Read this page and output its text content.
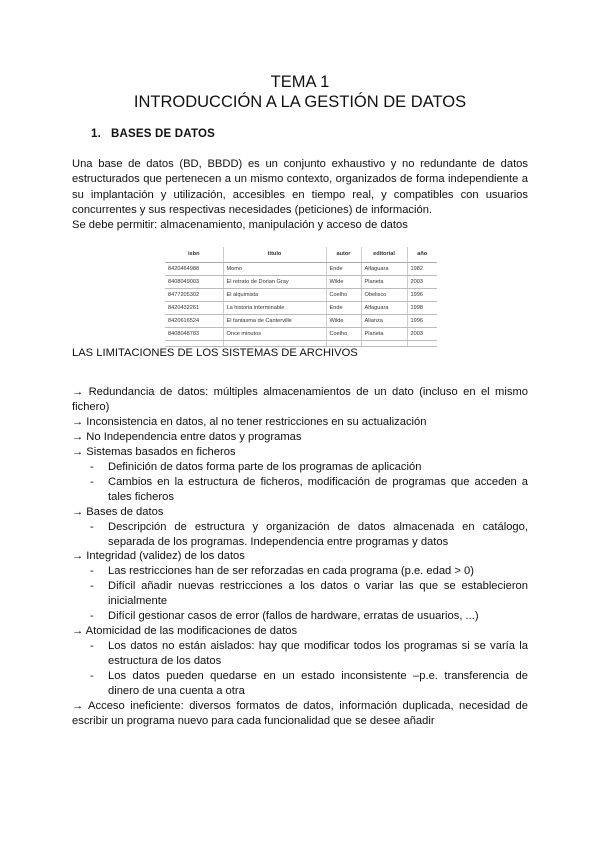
TEMA 1
INTRODUCCIÓN A LA GESTIÓN DE DATOS
1. BASES DE DATOS

Una base de datos (BD, BBDD) es un conjunto exhaustivo y no redundante de datos estructurados que pertenecen a un mismo contexto, organizados de forma independiente a su implantación y utilización, accesibles en tiempo real, y compatibles con usuarios concurrentes y sus respectivas necesidades (peticiones) de información.

Se debe permitir: almacenamiento, manipulación y acceso de datos

isbn	titulo	autor	editorial	año
8420464988	Momo	Ende	Alfaguara	1982
8408049003	El retrato de Dorian Gray	Wilde	Planeta	2003
8477205302	El alquimista	Coelho	Obelisco	1996
8420432261	La historia interminable	Ende	Alfaguara	1998
8420616524	El fantasma de Canterville	Wilde	Alianza	1996
8408048783	Once minutos	Coelho	Planeta	2003

LAS LIMITACIONES DE LOS SISTEMAS DE ARCHIVOS
→ Redundancia de datos: múltiples almacenamientos de un dato (incluso en el mismo fichero)
→ Inconsistencia en datos, al no tener restricciones en su actualización
→ No Independencia entre datos y programas
→ Sistemas basados en ficheros
-	Definición de datos forma parte de los programas de aplicación
-	Cambios en la estructura de ficheros, modificación de programas que acceden a tales ficheros
→ Bases de datos
-	Descripción de estructura y organización de datos almacenada en catálogo, separada de los programas. Independencia entre programas y datos
→ Integridad (validez) de los datos
-	Las restricciones han de ser reforzadas en cada programa (p.e. edad > 0)
-	Difícil añadir nuevas restricciones a los datos o variar las que se establecieron inicialmente
-	Difícil gestionar casos de error (fallos de hardware, erratas de usuarios, ...)
→ Atomicidad de las modificaciones de datos
-	Los datos no están aislados: hay que modificar todos los programas si se varía la estructura de los datos
-	Los datos pueden quedarse en un estado inconsistente –p.e. transferencia de dinero de una cuenta a otra
→ Acceso ineficiente: diversos formatos de datos, información duplicada, necesidad de escribir un programa nuevo para cada funcionalidad que se desee añadir
